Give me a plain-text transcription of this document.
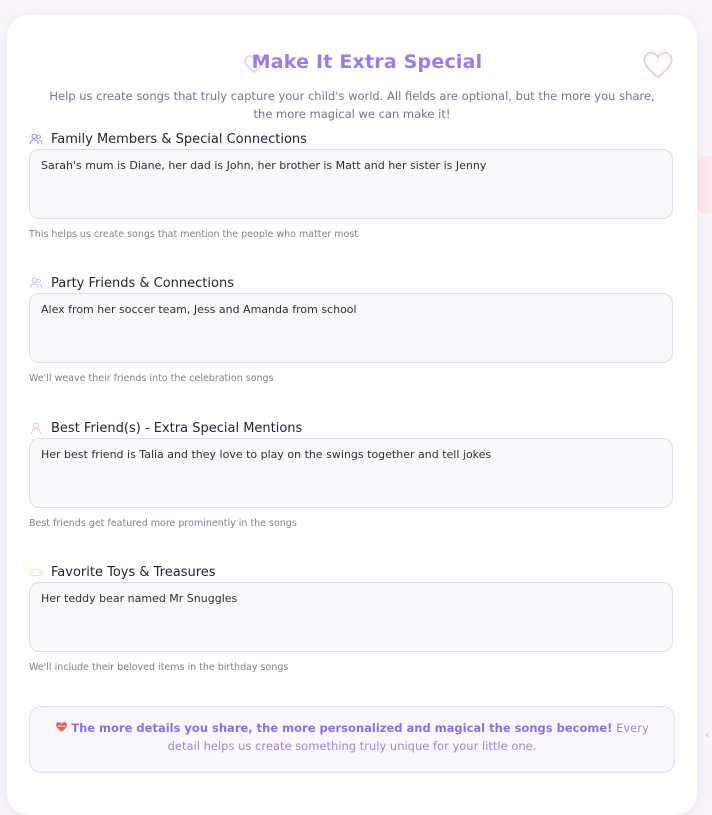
‹
Make It Extra Special
Help us create songs that truly capture your child's world. All fields are optional, but the more you share, the more magical we can make it!
Family Members & Special Connections
Sarah's mum is Diane, her dad is John, her brother is Matt and her sister is Jenny
This helps us create songs that mention the people who matter most
Party Friends & Connections
Alex from her soccer team, Jess and Amanda from school
We'll weave their friends into the celebration songs
Best Friend(s) - Extra Special Mentions
Her best friend is Talia and they love to play on the swings together and tell jokes
Best friends get featured more prominently in the songs
Favorite Toys & Treasures
Her teddy bear named Mr Snuggles
We'll include their beloved items in the birthday songs
The more details you share, the more personalized and magical the songs become! Every detail helps us create something truly unique for your little one.
